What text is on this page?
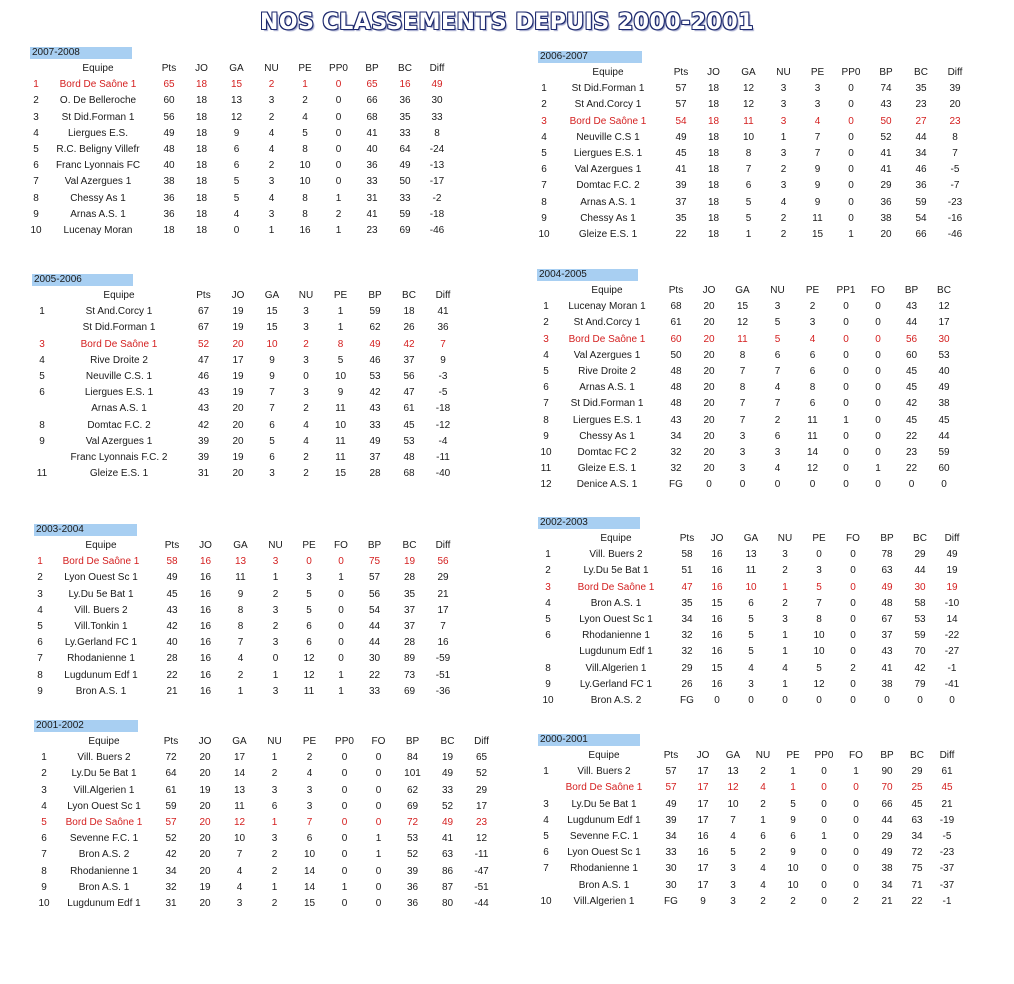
NOS CLASSEMENTS DEPUIS 2000-2001
2007-2008
	Equipe	Pts	JO	GA	NU	PE	PP0	BP	BC	Diff
1	Bord De Saône 1	65	18	15	2	1	0	65	16	49
2	O. De Belleroche	60	18	13	3	2	0	66	36	30
3	St Did.Forman 1	56	18	12	2	4	0	68	35	33
4	Liergues E.S.	49	18	9	4	5	0	41	33	8
5	R.C. Beligny Villefr	48	18	6	4	8	0	40	64	-24
6	Franc Lyonnais FC	40	18	6	2	10	0	36	49	-13
7	Val Azergues 1	38	18	5	3	10	0	33	50	-17
8	Chessy As 1	36	18	5	4	8	1	31	33	-2
9	Arnas A.S. 1	36	18	4	3	8	2	41	59	-18
10	Lucenay Moran	18	18	0	1	16	1	23	69	-46
2006-2007
	Equipe	Pts	JO	GA	NU	PE	PP0	BP	BC	Diff
1	St Did.Forman 1	57	18	12	3	3	0	74	35	39
2	St And.Corcy 1	57	18	12	3	3	0	43	23	20
3	Bord De Saône 1	54	18	11	3	4	0	50	27	23
4	Neuville C.S 1	49	18	10	1	7	0	52	44	8
5	Liergues E.S. 1	45	18	8	3	7	0	41	34	7
6	Val Azergues 1	41	18	7	2	9	0	41	46	-5
7	Domtac F.C. 2	39	18	6	3	9	0	29	36	-7
8	Arnas A.S. 1	37	18	5	4	9	0	36	59	-23
9	Chessy As 1	35	18	5	2	11	0	38	54	-16
10	Gleize E.S. 1	22	18	1	2	15	1	20	66	-46
2005-2006
	Equipe	Pts	JO	GA	NU	PE	BP	BC	Diff
1	St And.Corcy 1	67	19	15	3	1	59	18	41
	St Did.Forman 1	67	19	15	3	1	62	26	36
3	Bord De Saône 1	52	20	10	2	8	49	42	7
4	Rive Droite 2	47	17	9	3	5	46	37	9
5	Neuville C.S. 1	46	19	9	0	10	53	56	-3
6	Liergues E.S. 1	43	19	7	3	9	42	47	-5
	Arnas A.S. 1	43	20	7	2	11	43	61	-18
8	Domtac F.C. 2	42	20	6	4	10	33	45	-12
9	Val Azergues 1	39	20	5	4	11	49	53	-4
	Franc Lyonnais F.C. 2	39	19	6	2	11	37	48	-11
11	Gleize E.S. 1	31	20	3	2	15	28	68	-40
2004-2005
	Equipe	Pts	JO	GA	NU	PE	PP1	FO	BP	BC
1	Lucenay Moran 1	68	20	15	3	2	0	0	43	12
2	St And.Corcy 1	61	20	12	5	3	0	0	44	17
3	Bord De Saône 1	60	20	11	5	4	0	0	56	30
4	Val Azergues 1	50	20	8	6	6	0	0	60	53
5	Rive Droite 2	48	20	7	7	6	0	0	45	40
6	Arnas A.S. 1	48	20	8	4	8	0	0	45	49
7	St Did.Forman 1	48	20	7	7	6	0	0	42	38
8	Liergues E.S. 1	43	20	7	2	11	1	0	45	45
9	Chessy As 1	34	20	3	6	11	0	0	22	44
10	Domtac FC 2	32	20	3	3	14	0	0	23	59
11	Gleize E.S. 1	32	20	3	4	12	0	1	22	60
12	Denice A.S. 1	FG	0	0	0	0	0	0	0	0
2003-2004
	Equipe	Pts	JO	GA	NU	PE	FO	BP	BC	Diff
1	Bord De Saône 1	58	16	13	3	0	0	75	19	56
2	Lyon Ouest Sc 1	49	16	11	1	3	1	57	28	29
3	Ly.Du 5e Bat 1	45	16	9	2	5	0	56	35	21
4	Vill. Buers 2	43	16	8	3	5	0	54	37	17
5	Vill.Tonkin 1	42	16	8	2	6	0	44	37	7
6	Ly.Gerland FC 1	40	16	7	3	6	0	44	28	16
7	Rhodanienne 1	28	16	4	0	12	0	30	89	-59
8	Lugdunum Edf 1	22	16	2	1	12	1	22	73	-51
9	Bron A.S. 1	21	16	1	3	11	1	33	69	-36
2002-2003
	Equipe	Pts	JO	GA	NU	PE	FO	BP	BC	Diff
1	Vill. Buers 2	58	16	13	3	0	0	78	29	49
2	Ly.Du 5e Bat 1	51	16	11	2	3	0	63	44	19
3	Bord De Saône 1	47	16	10	1	5	0	49	30	19
4	Bron A.S. 1	35	15	6	2	7	0	48	58	-10
5	Lyon Ouest Sc 1	34	16	5	3	8	0	67	53	14
6	Rhodanienne 1	32	16	5	1	10	0	37	59	-22
	Lugdunum Edf 1	32	16	5	1	10	0	43	70	-27
8	Vill.Algerien 1	29	15	4	4	5	2	41	42	-1
9	Ly.Gerland FC 1	26	16	3	1	12	0	38	79	-41
10	Bron A.S. 2	FG	0	0	0	0	0	0	0	0
2001-2002
	Equipe	Pts	JO	GA	NU	PE	PP0	FO	BP	BC	Diff
1	Vill. Buers 2	72	20	17	1	2	0	0	84	19	65
2	Ly.Du 5e Bat 1	64	20	14	2	4	0	0	101	49	52
3	Vill.Algerien 1	61	19	13	3	3	0	0	62	33	29
4	Lyon Ouest Sc 1	59	20	11	6	3	0	0	69	52	17
5	Bord De Saône 1	57	20	12	1	7	0	0	72	49	23
6	Sevenne F.C. 1	52	20	10	3	6	0	1	53	41	12
7	Bron A.S. 2	42	20	7	2	10	0	1	52	63	-11
8	Rhodanienne 1	34	20	4	2	14	0	0	39	86	-47
9	Bron A.S. 1	32	19	4	1	14	1	0	36	87	-51
10	Lugdunum Edf 1	31	20	3	2	15	0	0	36	80	-44
2000-2001
	Equipe	Pts	JO	GA	NU	PE	PP0	FO	BP	BC	Diff
1	Vill. Buers 2	57	17	13	2	1	0	1	90	29	61
	Bord De Saône 1	57	17	12	4	1	0	0	70	25	45
3	Ly.Du 5e Bat 1	49	17	10	2	5	0	0	66	45	21
4	Lugdunum Edf 1	39	17	7	1	9	0	0	44	63	-19
5	Sevenne F.C. 1	34	16	4	6	6	1	0	29	34	-5
6	Lyon Ouest Sc 1	33	16	5	2	9	0	0	49	72	-23
7	Rhodanienne 1	30	17	3	4	10	0	0	38	75	-37
	Bron A.S. 1	30	17	3	4	10	0	0	34	71	-37
10	Vill.Algerien 1	FG	9	3	2	2	0	2	21	22	-1
